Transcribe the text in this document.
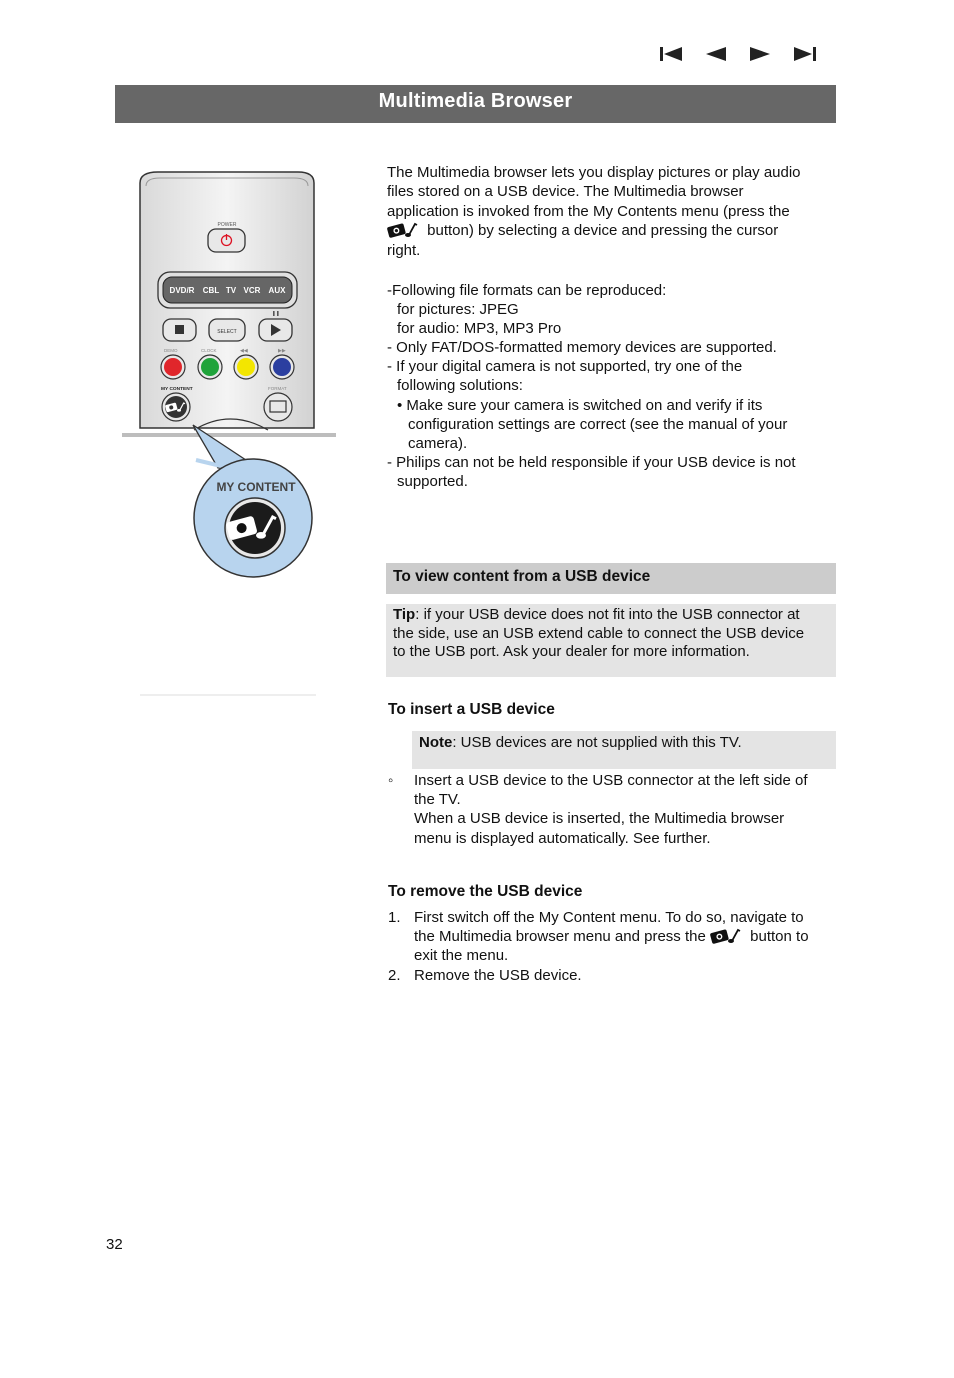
Multimedia Browser
POWER
DVD/R CBL TV VCR AUX
SELECT
DEMO	CLOCK	◀◀	▶▶
MY CONTENT	FORMAT
MY CONTENT

The Multimedia browser lets you display pictures or play audio

files stored on a USB device. The Multimedia browser

application is invoked from the My Contents menu (press the

button) by selecting a device and pressing the cursor

right.

-Following file formats can be reproduced:

for pictures: JPEG

for audio: MP3, MP3 Pro

- Only FAT/DOS-formatted memory devices are supported.

- If your digital camera is not supported, try one of the

following solutions:

• Make sure your camera is switched on and verify if its

configuration settings are correct (see the manual of your

camera).

- Philips can not be held responsible if your USB device is not

supported.

To view content from a USB device
Tip: if your USB device does not fit into the USB connector at
the side, use an USB extend cable to connect the USB device
to the USB port. Ask your dealer for more information.
To insert a USB device
Note: USB devices are not supplied with this TV.
◦ Insert a USB device to the USB connector at the left side of
the TV.
When a USB device is inserted, the Multimedia browser
menu is displayed automatically. See further.
To remove the USB device
1. First switch off the My Content menu. To do so, navigate to
the Multimedia browser menu and press the  button to
exit the menu.
2. Remove the USB device.
32
